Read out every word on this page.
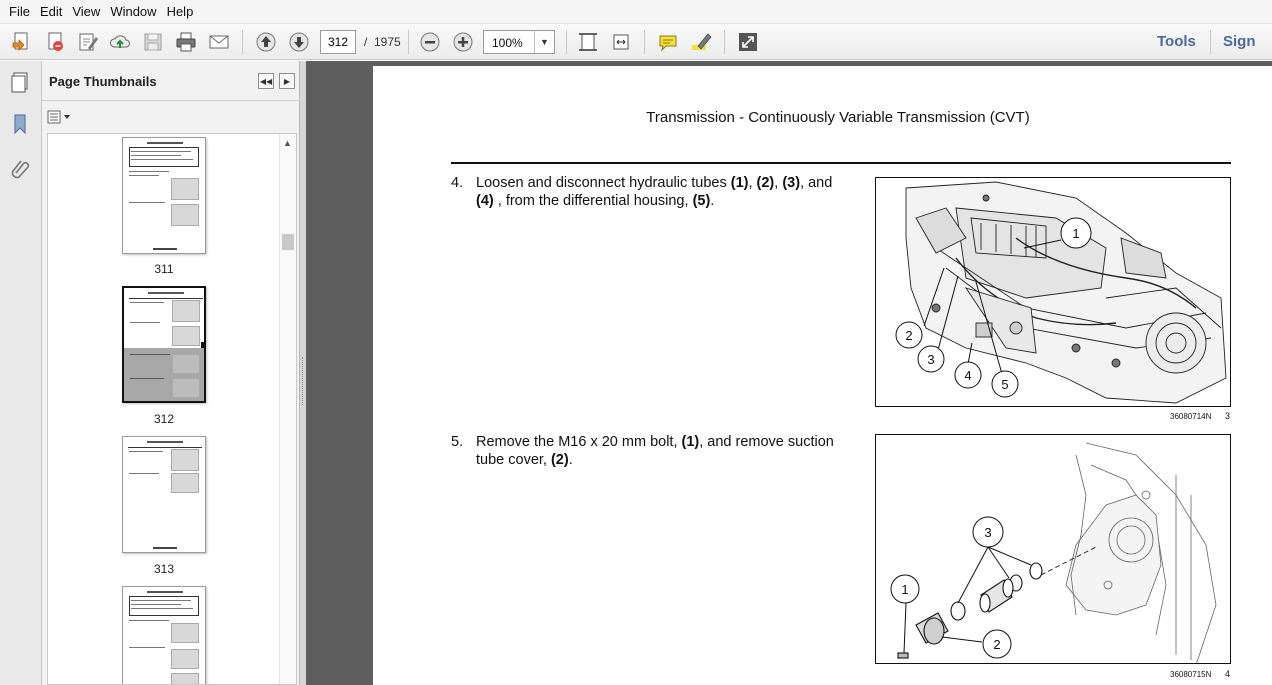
File Edit View Window Help
312
/ 1975	100%	▼	Tools Sign
Page Thumbnails	◀◀	▶
311
312
313
▲
Transmission - Continuously Variable Transmission (CVT)
4. Loosen and disconnect hydraulic tubes (1), (2), (3), and (4) , from the differential housing, (5).
1
2
3
4
5
36080714N 3
5. Remove the M16 x 20 mm bolt, (1), and remove suction tube cover, (2).
3
1
2
36080715N 4
